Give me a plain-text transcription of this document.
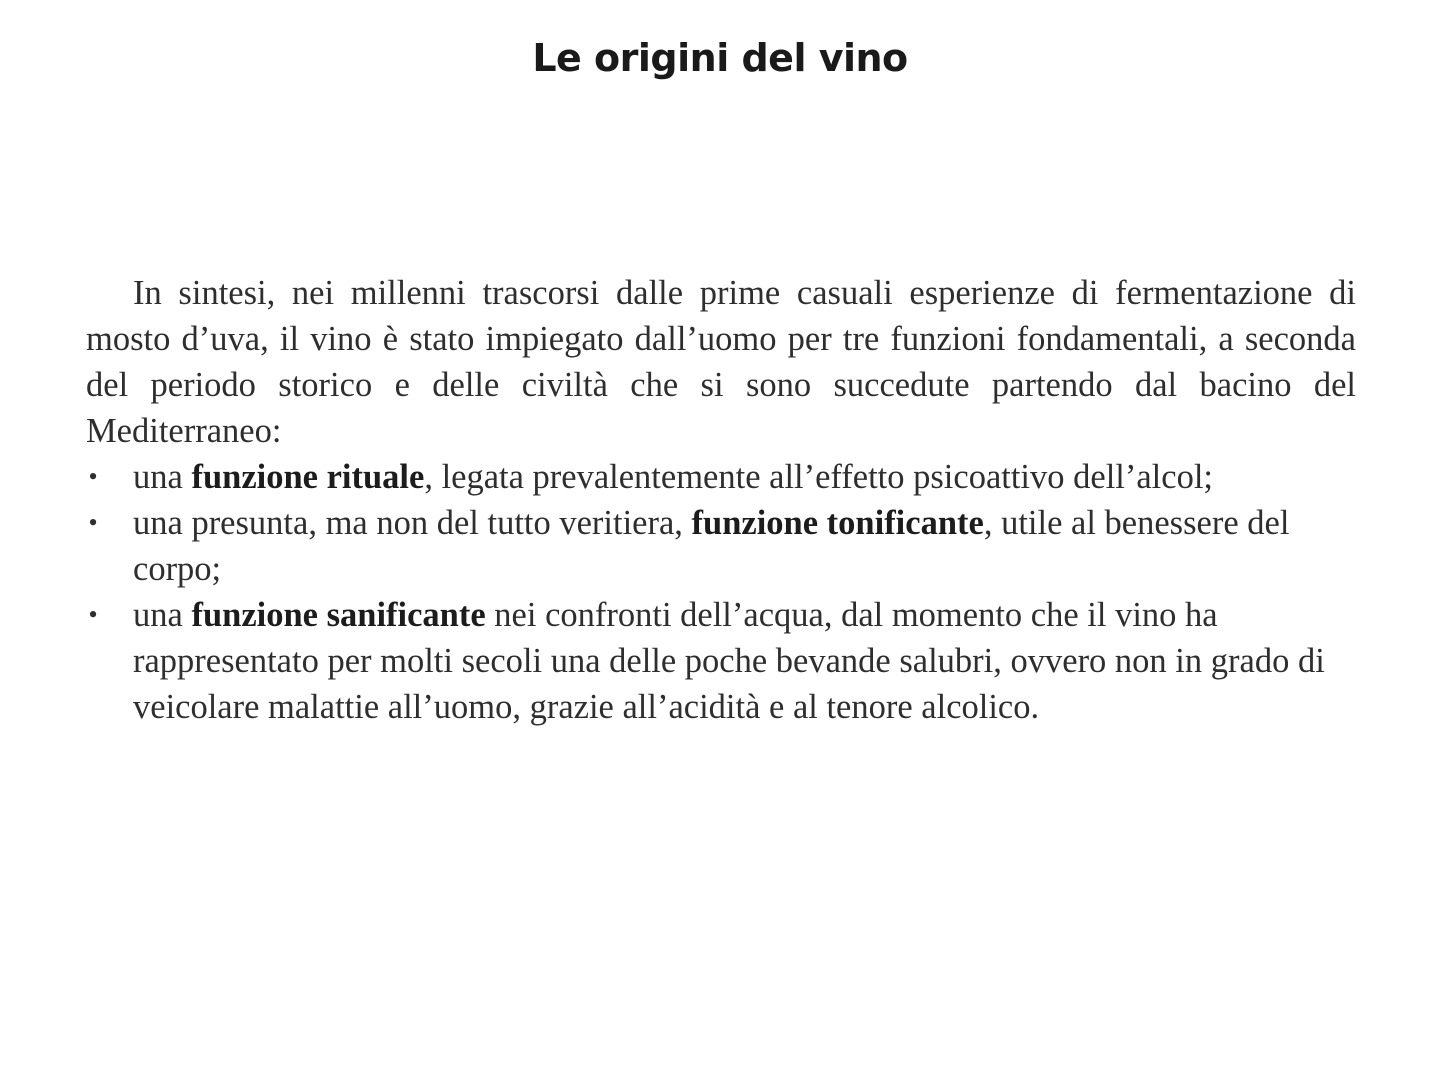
Le origini del vino

In sintesi, nei millenni trascorsi dalle prime casuali esperienze di fermentazione di mosto d’uva, il vino è stato impiegato dall’uomo per tre funzioni fondamentali, a seconda del periodo storico e delle civiltà che si sono succedute partendo dal bacino del Mediterraneo:

• una funzione rituale, legata prevalentemente all’effetto psicoattivo dell’alcol;
• una presunta, ma non del tutto veritiera, funzione tonificante, utile al benessere del corpo;
• una funzione sanificante nei confronti dell’acqua, dal momento che il vino ha rappresentato per molti secoli una delle poche bevande salubri, ovvero non in grado di veicolare malattie all’uomo, grazie all’acidità e al tenore alcolico.
